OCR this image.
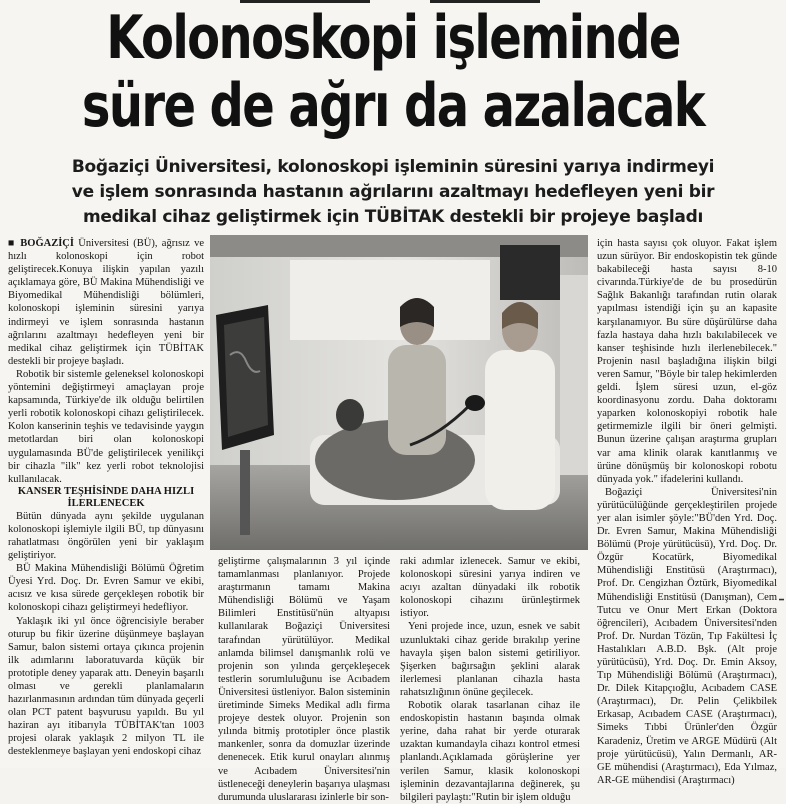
Kolonoskopi işleminde
süre de ağrı da azalacak
Boğaziçi Üniversitesi, kolonoskopi işleminin süresini yarıya indirmeyi
ve işlem sonrasında hastanın ağrılarını azaltmayı hedefleyen yeni bir
medikal cihaz geliştirmek için TÜBİTAK destekli bir projeye başladı

■ BOĞAZİÇİ Üniversitesi (BÜ), ağrısız ve hızlı kolonoskopi için robot geliştirecek.Konuya ilişkin yapılan yazılı açıklamaya göre, BÜ Makina Mühendisliği ve Biyomedikal Mühendisliği bölümleri, kolonoskopi işleminin süresini yarıya indirmeyi ve işlem sonrasında hastanın ağrılarını azaltmayı hedefleyen yeni bir medikal cihaz geliştirmek için TÜBİTAK destekli bir projeye başladı.

Robotik bir sistemle geleneksel kolonoskopi yöntemini değiştirmeyi amaçlayan proje kapsamında, Türkiye'de ilk olduğu belirtilen yerli robotik kolonoskopi cihazı geliştirilecek. Kolon kanserinin teşhis ve tedavisinde yaygın metotlardan biri olan kolonoskopi uygulamasında BÜ'de geliştirilecek yenilikçi bir cihazla "ilk" kez yerli robot teknolojisi kullanılacak.

KANSER TEŞHİSİNDE DAHA HIZLI İLERLENECEK

Bütün dünyada aynı şekilde uygulanan kolonoskopi işlemiyle ilgili BÜ, tıp dünyasını rahatlatması öngörülen yeni bir yaklaşım geliştiriyor.

BÜ Makina Mühendisliği Bölümü Öğretim Üyesi Yrd. Doç. Dr. Evren Samur ve ekibi, acısız ve kısa sürede gerçekleşen robotik bir kolonoskopi cihazı geliştirmeyi hedefliyor.

Yaklaşık iki yıl önce öğrencisiyle beraber oturup bu fikir üzerine düşünmeye başlayan Samur, balon sistemi ortaya çıkınca projenin ilk adımlarını laboratuvarda küçük bir prototiple deney yaparak attı. Deneyin başarılı olması ve gerekli planlamaların hazırlanmasının ardından tüm dünyada geçerli olan PCT patent başvurusu yapıldı. Bu yıl haziran ayı itibarıyla TÜBİTAK'tan 1003 projesi olarak yaklaşık 2 milyon TL ile desteklenmeye başlayan yeni endoskopi cihaz

geliştirme çalışmalarının 3 yıl içinde tamamlanması planlanıyor. Projede araştırmanın tamamı Makina Mühendisliği Bölümü ve Yaşam Bilimleri Enstitüsü'nün altyapısı kullanılarak Boğaziçi Üniversitesi tarafından yürütülüyor. Medikal anlamda bilimsel danışmanlık rolü ve projenin son yılında gerçekleşecek testlerin sorumluluğunu ise Acıbadem Üniversitesi üstleniyor. Balon sisteminin üretiminde Simeks Medikal adlı firma projeye destek oluyor. Projenin son yılında bitmiş prototipler önce plastik mankenler, sonra da domuzlar üzerinde denenecek. Etik kurul onayları alınmış ve Acıbadem Üniversitesi'nin üstleneceği deneylerin başarıya ulaşması durumunda uluslararası izinlerle bir son-

raki adımlar izlenecek. Samur ve ekibi, kolonoskopi süresini yarıya indiren ve acıyı azaltan dünyadaki ilk robotik kolonoskopi cihazını ürünleştirmek istiyor.

Yeni projede ince, uzun, esnek ve sabit uzunluktaki cihaz geride bırakılıp yerine havayla şişen balon sistemi getiriliyor. Şişerken bağırsağın şeklini alarak ilerlemesi planlanan cihazla hasta rahatsızlığının önüne geçilecek.

Robotik olarak tasarlanan cihaz ile endoskopistin hastanın başında olmak yerine, daha rahat bir yerde oturarak uzaktan kumandayla cihazı kontrol etmesi planlandı.Açıklamada görüşlerine yer verilen Samur, klasik kolonoskopi işleminin dezavantajlarına değinerek, şu bilgileri paylaştı:"Rutin bir işlem olduğu

için hasta sayısı çok oluyor. Fakat işlem uzun sürüyor. Bir endoskopistin tek günde bakabileceği hasta sayısı 8-10 civarında.Türkiye'de de bu prosedürün Sağlık Bakanlığı tarafından rutin olarak yapılması istendiği için şu an kapasite karşılanamıyor. Bu süre düşürülürse daha fazla hastaya daha hızlı bakılabilecek ve kanser teşhisinde hızlı ilerlenebilecek." Projenin nasıl başladığına ilişkin bilgi veren Samur, "Böyle bir talep hekimlerden geldi. İşlem süresi uzun, el-göz koordinasyonu zordu. Daha doktoramı yaparken kolonoskopiyi robotik hale getirmemizle ilgili bir öneri gelmişti. Bunun üzerine çalışan araştırma grupları var ama klinik olarak kanıtlanmış ve ürüne dönüşmüş bir kolonoskopi robotu dünyada yok." ifadelerini kullandı.

Boğaziçi Üniversitesi'nin yürütücülüğünde gerçekleştirilen projede yer alan isimler şöyle:"BÜ'den Yrd. Doç. Dr. Evren Samur, Makina Mühendisliği Bölümü (Proje yürütücüsü), Yrd. Doç. Dr. Özgür Kocatürk, Biyomedikal Mühendisliği Enstitüsü (Araştırmacı), Prof. Dr. Cengizhan Öztürk, Biyomedikal Mühendisliği Enstitüsü (Danışman), Cem Tutcu ve Onur Mert Erkan (Doktora öğrencileri), Acıbadem Üniversitesi'nden Prof. Dr. Nurdan Tözün, Tıp Fakültesi İç Hastalıkları A.B.D. Bşk. (Alt proje yürütücüsü), Yrd. Doç. Dr. Emin Aksoy, Tıp Mühendisliği Bölümü (Araştırmacı), Dr. Dilek Kitapçıoğlu, Acıbadem CASE (Araştırmacı), Dr. Pelin Çelikbilek Erkasap, Acıbadem CASE (Araştırmacı), Simeks Tıbbi Ürünler'den Özgür Karadeniz, Üretim ve ARGE Müdürü (Alt proje yürütücüsü), Yalın Dermanlı, AR-GE mühendisi (Araştırmacı), Eda Yılmaz, AR-GE mühendisi (Araştırmacı)

ı
